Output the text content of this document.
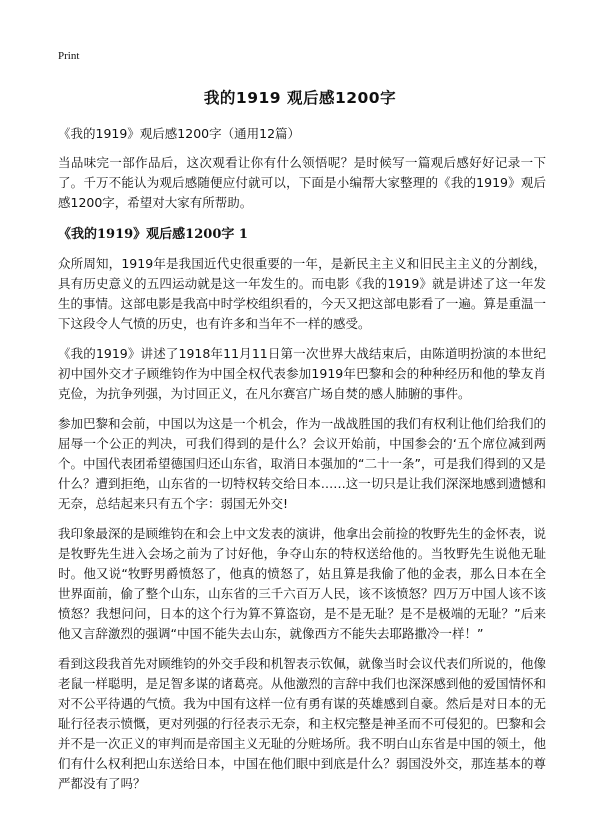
Print
我的1919 观后感1200字

《我的1919》观后感1200字（通用12篇）

当品味完一部作品后，这次观看让你有什么领悟呢？是时候写一篇观后感好好记录一下了。千万不能认为观后感随便应付就可以，下面是小编帮大家整理的《我的1919》观后感1200字，希望对大家有所帮助。

《我的1919》观后感1200字 1

众所周知，1919年是我国近代史很重要的一年，是新民主主义和旧民主主义的分割线，具有历史意义的五四运动就是这一年发生的。而电影《我的1919》就是讲述了这一年发生的事情。这部电影是我高中时学校组织看的，今天又把这部电影看了一遍。算是重温一下这段令人气愤的历史，也有许多和当年不一样的感受。

《我的1919》讲述了1918年11月11日第一次世界大战结束后，由陈道明扮演的本世纪初中国外交才子顾维钧作为中国全权代表参加1919年巴黎和会的种种经历和他的挚友肖克俭，为抗争列强，为讨回正义，在凡尔赛宫广场自焚的感人肺腑的事件。

参加巴黎和会前，中国以为这是一个机会，作为一战战胜国的我们有权利让他们给我们的屈辱一个公正的判决，可我们得到的是什么？会议开始前，中国参会的‘五个席位减到两个。中国代表团希望德国归还山东省，取消日本强加的“二十一条”，可是我们得到的又是什么？遭到拒绝，山东省的一切特权转交给日本……这一切只是让我们深深地感到遗憾和无奈，总结起来只有五个字：弱国无外交!

我印象最深的是顾维钧在和会上中文发表的演讲，他拿出会前捡的牧野先生的金怀表，说是牧野先生进入会场之前为了讨好他，争夺山东的特权送给他的。当牧野先生说他无耻时。他又说“牧野男爵愤怒了，他真的愤怒了，姑且算是我偷了他的金表，那么日本在全世界面前，偷了整个山东，山东省的三千六百万人民，该不该愤怒？四万万中国人该不该愤怒？我想问问，日本的这个行为算不算盗窃，是不是无耻？是不是极端的无耻？”后来他又言辞激烈的强调“中国不能失去山东，就像西方不能失去耶路撒冷一样！”

看到这段我首先对顾维钧的外交手段和机智表示钦佩，就像当时会议代表们所说的，他像老鼠一样聪明，是足智多谋的诸葛亮。从他激烈的言辞中我们也深深感到他的爱国情怀和对不公平待遇的气愤。我为中国有这样一位有勇有谋的英雄感到自豪。然后是对日本的无耻行径表示愤慨，更对列强的行径表示无奈，和主权完整是神圣而不可侵犯的。巴黎和会并不是一次正义的审判而是帝国主义无耻的分赃场所。我不明白山东省是中国的领土，他们有什么权利把山东送给日本，中国在他们眼中到底是什么？弱国没外交，那连基本的尊严都没有了吗？
